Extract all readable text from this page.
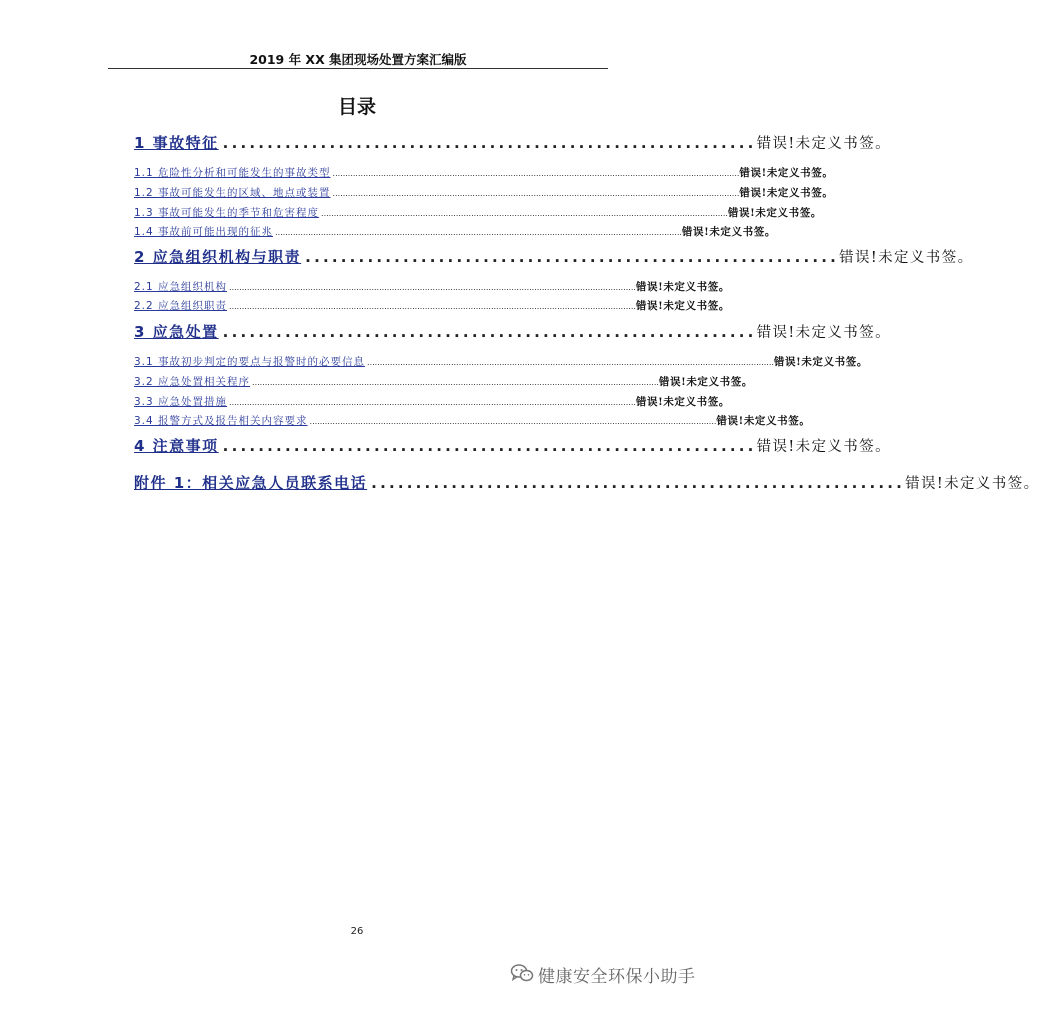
2019 年 XX 集团现场处置方案汇编版
目录
1 事故特征 ............................................................ 错误!未定义书签。
1.1 危险性分析和可能发生的事故类型 ................................................................................................................................................................ 错误!未定义书签。
1.2 事故可能发生的区域、地点或装置 ................................................................................................................................................................ 错误!未定义书签。
1.3 事故可能发生的季节和危害程度 ................................................................................................................................................................ 错误!未定义书签。
1.4 事故前可能出现的征兆 ................................................................................................................................................................ 错误!未定义书签。
2 应急组织机构与职责 ............................................................ 错误!未定义书签。
2.1 应急组织机构 ................................................................................................................................................................ 错误!未定义书签。
2.2 应急组织职责 ................................................................................................................................................................ 错误!未定义书签。
3 应急处置 ............................................................ 错误!未定义书签。
3.1 事故初步判定的要点与报警时的必要信息 ................................................................................................................................................................ 错误!未定义书签。
3.2 应急处置相关程序 ................................................................................................................................................................ 错误!未定义书签。
3.3 应急处置措施 ................................................................................................................................................................ 错误!未定义书签。
3.4 报警方式及报告相关内容要求 ................................................................................................................................................................ 错误!未定义书签。
4 注意事项 ............................................................ 错误!未定义书签。
附件 1：相关应急人员联系电话 ............................................................ 错误!未定义书签。
26
健康安全环保小助手
